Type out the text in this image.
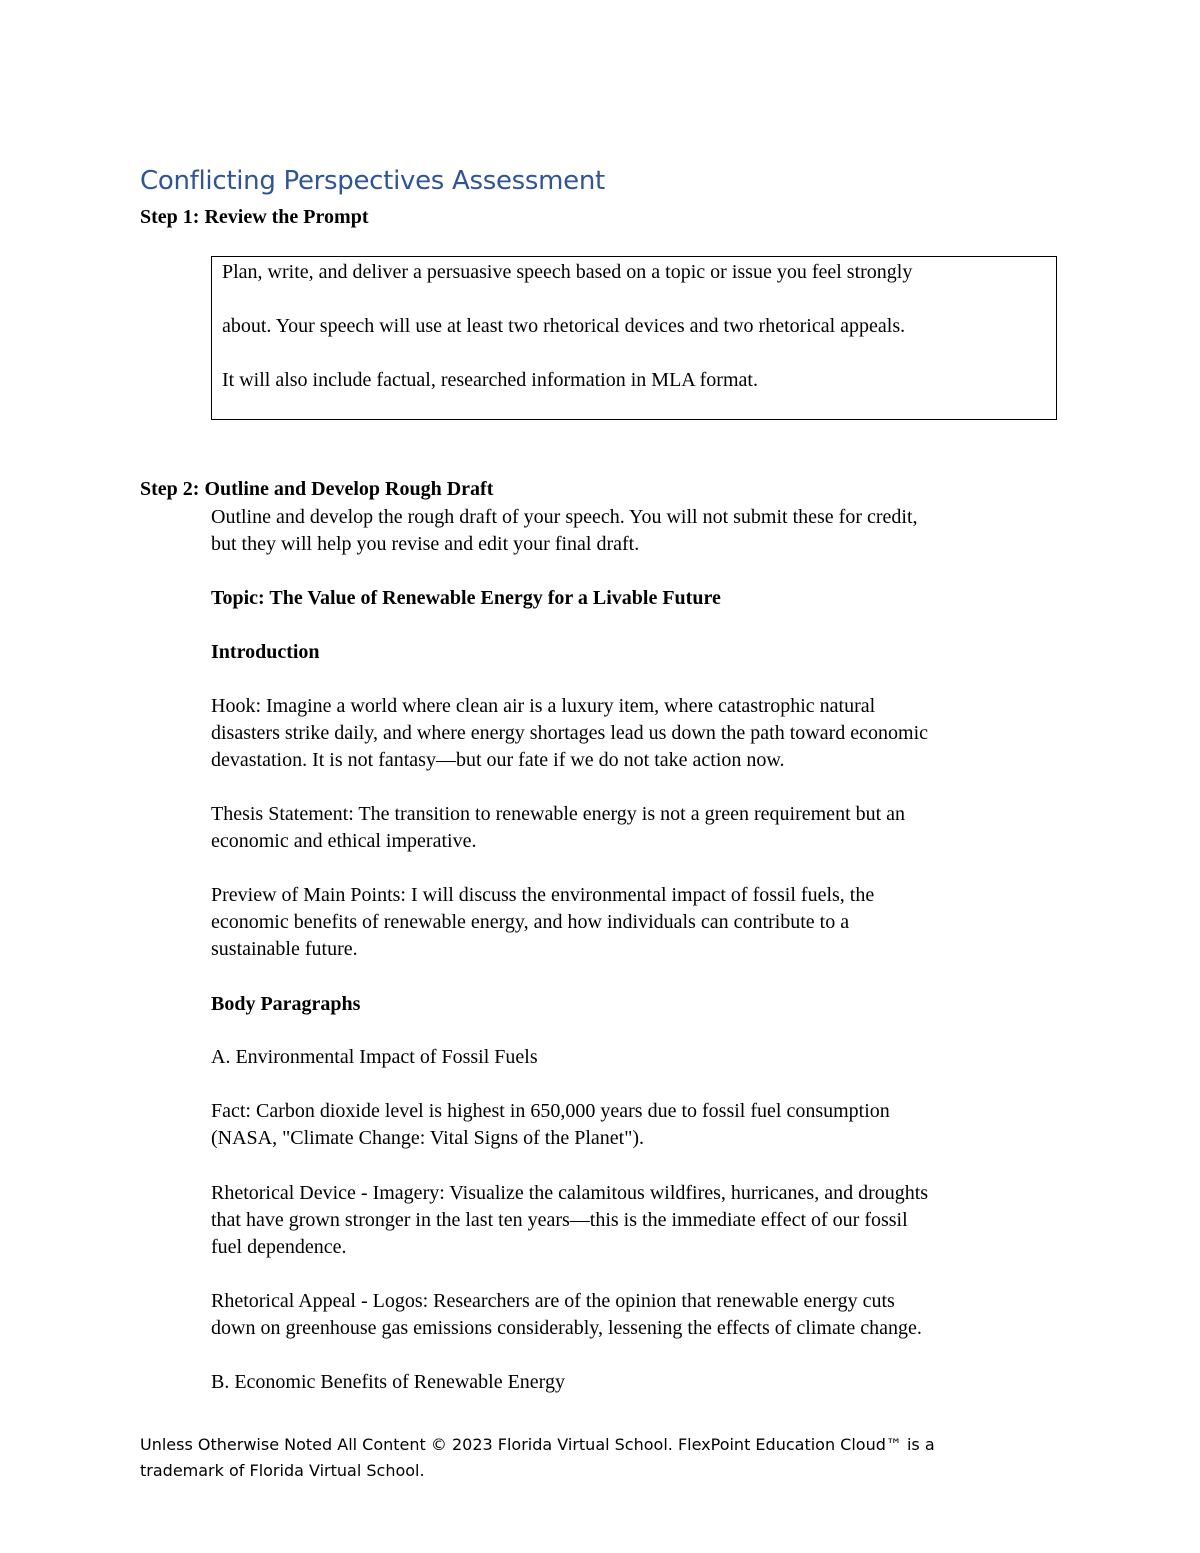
Conflicting Perspectives Assessment
Step 1: Review the Prompt
Plan, write, and deliver a persuasive speech based on a topic or issue you feel strongly
about. Your speech will use at least two rhetorical devices and two rhetorical appeals.
It will also include factual, researched information in MLA format.
Step 2: Outline and Develop Rough Draft
Outline and develop the rough draft of your speech. You will not submit these for credit,
but they will help you revise and edit your final draft.
Topic: The Value of Renewable Energy for a Livable Future
Introduction
Hook: Imagine a world where clean air is a luxury item, where catastrophic natural
disasters strike daily, and where energy shortages lead us down the path toward economic
devastation. It is not fantasy—but our fate if we do not take action now.
Thesis Statement: The transition to renewable energy is not a green requirement but an
economic and ethical imperative.
Preview of Main Points: I will discuss the environmental impact of fossil fuels, the
economic benefits of renewable energy, and how individuals can contribute to a
sustainable future.
Body Paragraphs
A. Environmental Impact of Fossil Fuels
Fact: Carbon dioxide level is highest in 650,000 years due to fossil fuel consumption
(NASA, "Climate Change: Vital Signs of the Planet").
Rhetorical Device - Imagery: Visualize the calamitous wildfires, hurricanes, and droughts
that have grown stronger in the last ten years—this is the immediate effect of our fossil
fuel dependence.
Rhetorical Appeal - Logos: Researchers are of the opinion that renewable energy cuts
down on greenhouse gas emissions considerably, lessening the effects of climate change.
B. Economic Benefits of Renewable Energy
Unless Otherwise Noted All Content © 2023 Florida Virtual School. FlexPoint Education Cloud™ is a
trademark of Florida Virtual School.
